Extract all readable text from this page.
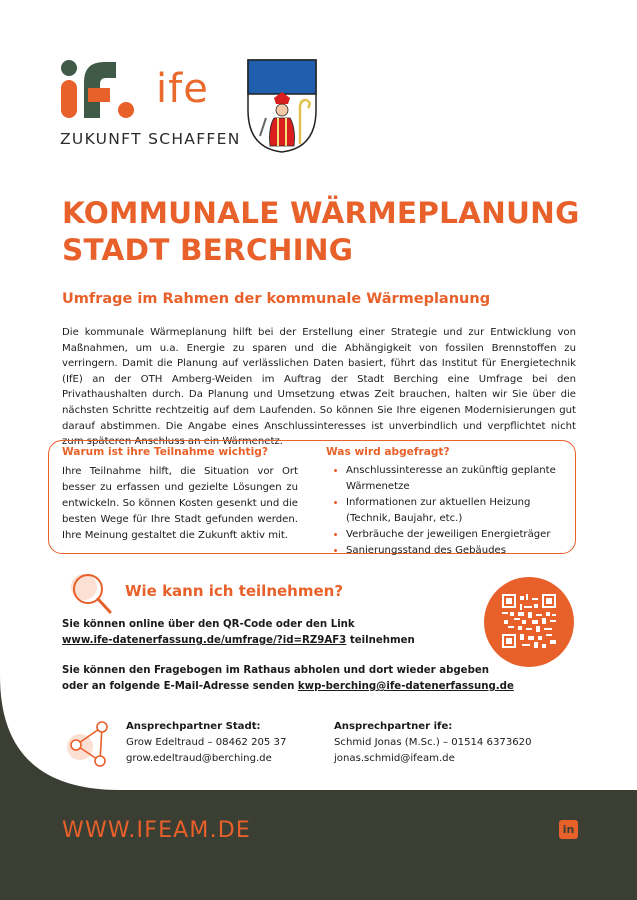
ife
ZUKUNFT SCHAFFEN
KOMMUNALE WÄRMEPLANUNG
STADT BERCHING
Umfrage im Rahmen der kommunale Wärmeplanung
Die kommunale Wärmeplanung hilft bei der Erstellung einer Strategie und zur Entwicklung von Maßnahmen, um u.a. Energie zu sparen und die Abhängigkeit von fossilen Brennstoffen zu verringern. Damit die Planung auf verlässlichen Daten basiert, führt das Institut für Energietechnik (IfE) an der OTH Amberg-Weiden im Auftrag der Stadt Berching eine Umfrage bei den Privathaushalten durch. Da Planung und Umsetzung etwas Zeit brauchen, halten wir Sie über die nächsten Schritte rechtzeitig auf dem Laufenden. So können Sie Ihre eigenen Modernisierungen gut darauf abstimmen. Die Angabe eines Anschlussinteresses ist unverbindlich und verpflichtet nicht zum späteren Anschluss an ein Wärmenetz.
Warum ist ihre Teilnahme wichtig?
Ihre Teilnahme hilft, die Situation vor Ort besser zu erfassen und gezielte Lösungen zu entwickeln. So können Kosten gesenkt und die besten Wege für Ihre Stadt gefunden werden. Ihre Meinung gestaltet die Zukunft aktiv mit.
Was wird abgefragt?
• Anschlussinteresse an zukünftig geplante Wärmenetze
• Informationen zur aktuellen Heizung (Technik, Baujahr, etc.)
• Verbräuche der jeweiligen Energieträger
• Sanierungsstand des Gebäudes
Wie kann ich teilnehmen?
Sie können online über den QR-Code oder den Link
www.ife-datenerfassung.de/umfrage/?id=RZ9AF3 teilnehmen
Sie können den Fragebogen im Rathaus abholen und dort wieder abgeben
oder an folgende E-Mail-Adresse senden kwp-berching@ife-datenerfassung.de
Ansprechpartner Stadt:
Grow Edeltraud – 08462 205 37
grow.edeltraud@berching.de
Ansprechpartner ife:
Schmid Jonas (M.Sc.) – 01514 6373620
jonas.schmid@ifeam.de
WWW.IFEAM.DE	in
